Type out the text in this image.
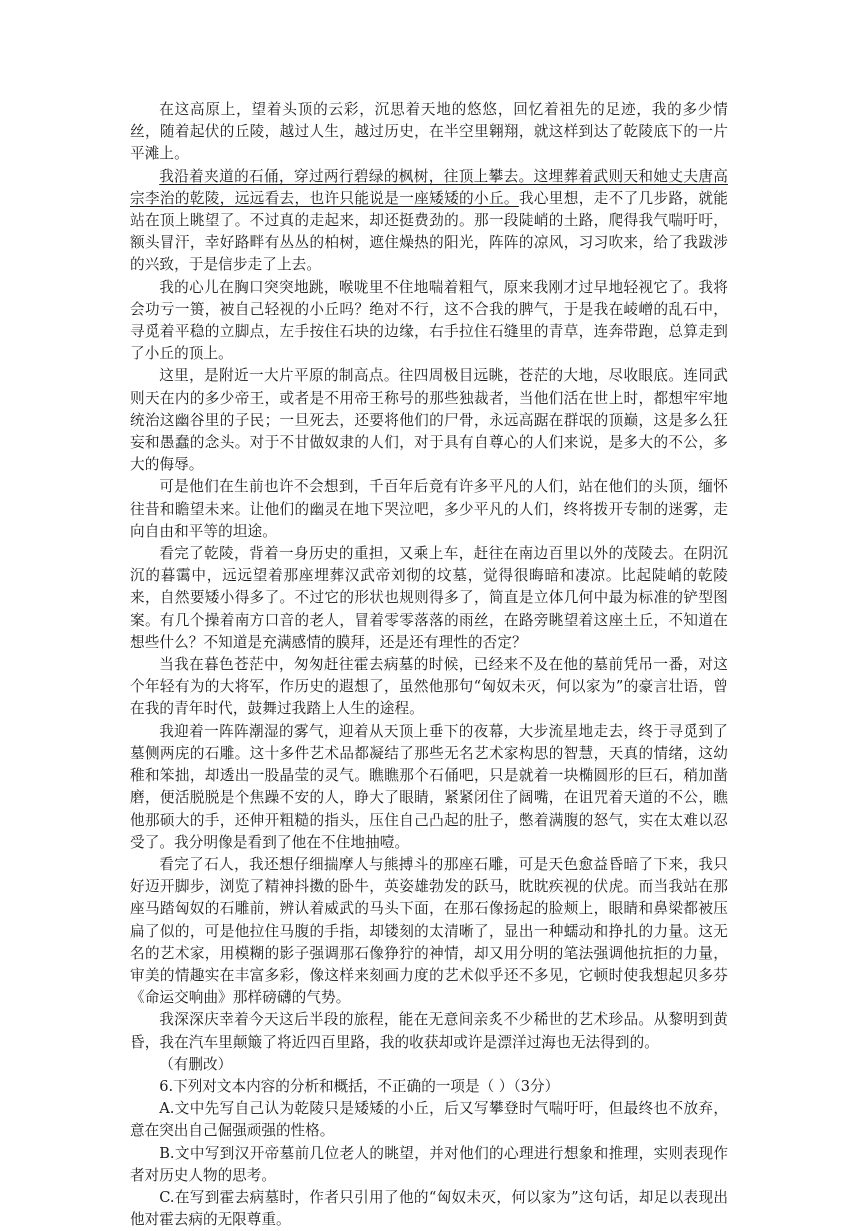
在这高原上，望着头顶的云彩，沉思着天地的悠悠，回忆着祖先的足迹，我的多少情丝，随着起伏的丘陵，越过人生，越过历史，在半空里翱翔，就这样到达了乾陵底下的一片平滩上。

我沿着夹道的石俑，穿过两行碧绿的枫树，往顶上攀去。这埋葬着武则天和她丈夫唐高宗李治的乾陵，远远看去，也许只能说是一座矮矮的小丘。我心里想，走不了几步路，就能站在顶上眺望了。不过真的走起来，却还挺费劲的。那一段陡峭的土路，爬得我气喘吁吁，额头冒汗，幸好路畔有丛丛的柏树，遮住燥热的阳光，阵阵的凉风，习习吹来，给了我跋涉的兴致，于是信步走了上去。

我的心儿在胸口突突地跳，喉咙里不住地喘着粗气，原来我刚才过早地轻视它了。我将会功亏一篑，被自己轻视的小丘吗？绝对不行，这不合我的脾气，于是我在崚嶒的乱石中，寻觅着平稳的立脚点，左手按住石块的边缘，右手拉住石缝里的青草，连奔带跑，总算走到了小丘的顶上。

这里，是附近一大片平原的制高点。往四周极目远眺，苍茫的大地，尽收眼底。连同武则天在内的多少帝王，或者是不用帝王称号的那些独裁者，当他们活在世上时，都想牢牢地统治这幽谷里的子民；一旦死去，还要将他们的尸骨，永远高踞在群氓的顶巅，这是多么狂妄和愚蠢的念头。对于不甘做奴隶的人们，对于具有自尊心的人们来说，是多大的不公，多大的侮辱。

可是他们在生前也许不会想到，千百年后竟有许多平凡的人们，站在他们的头顶，缅怀往昔和瞻望未来。让他们的幽灵在地下哭泣吧，多少平凡的人们，终将拨开专制的迷雾，走向自由和平等的坦途。

看完了乾陵，背着一身历史的重担，又乘上车，赶往在南边百里以外的茂陵去。在阴沉沉的暮霭中，远远望着那座埋葬汉武帝刘彻的坟墓，觉得很晦暗和凄凉。比起陡峭的乾陵来，自然要矮小得多了。不过它的形状也规则得多了，简直是立体几何中最为标准的铲型图案。有几个操着南方口音的老人，冒着零零落落的雨丝，在路旁眺望着这座土丘，不知道在想些什么？不知道是充满感情的膜拜，还是还有理性的否定？

当我在暮色苍茫中，匆匆赶往霍去病墓的时候，已经来不及在他的墓前凭吊一番，对这个年轻有为的大将军，作历史的遐想了，虽然他那句“匈奴未灭，何以家为”的豪言壮语，曾在我的青年时代，鼓舞过我踏上人生的途程。

我迎着一阵阵潮湿的雾气，迎着从天顶上垂下的夜幕，大步流星地走去，终于寻觅到了墓侧两庑的石雕。这十多件艺术品都凝结了那些无名艺术家构思的智慧，天真的情绪，这幼稚和笨拙，却透出一股晶莹的灵气。瞧瞧那个石俑吧，只是就着一块椭圆形的巨石，稍加凿磨，便活脱脱是个焦躁不安的人，睁大了眼睛，紧紧闭住了阔嘴，在诅咒着天道的不公，瞧他那硕大的手，还伸开粗糙的指头，压住自己凸起的肚子，憋着满腹的怒气，实在太难以忍受了。我分明像是看到了他在不住地抽噎。

看完了石人，我还想仔细揣摩人与熊搏斗的那座石雕，可是天色愈益昏暗了下来，我只好迈开脚步，浏览了精神抖擞的卧牛，英姿雄勃发的跃马，眈眈疾视的伏虎。而当我站在那座马踏匈奴的石雕前，辨认着威武的马头下面，在那石像扬起的脸颊上，眼睛和鼻梁都被压扁了似的，可是他拉住马腹的手指，却镂刻的太清晰了，显出一种蠕动和挣扎的力量。这无名的艺术家，用模糊的影子强调那石像狰狞的神情，却又用分明的笔法强调他抗拒的力量，审美的情趣实在丰富多彩，像这样来刻画力度的艺术似乎还不多见，它顿时使我想起贝多芬《命运交响曲》那样磅礴的气势。

我深深庆幸着今天这后半段的旅程，能在无意间亲炙不少稀世的艺术珍品。从黎明到黄昏，我在汽车里颠簸了将近四百里路，我的收获却或许是漂洋过海也无法得到的。

（有删改）

6.下列对文本内容的分析和概括，不正确的一项是（ ）（3分）

A.文中先写自己认为乾陵只是矮矮的小丘，后又写攀登时气喘吁吁，但最终也不放弃，意在突出自己倔强顽强的性格。

B.文中写到汉开帝墓前几位老人的眺望，并对他们的心理进行想象和推理，实则表现作者对历史人物的思考。

C.在写到霍去病墓时，作者只引用了他的“匈奴未灭，何以家为”这句话，却足以表现出他对霍去病的无限尊重。
